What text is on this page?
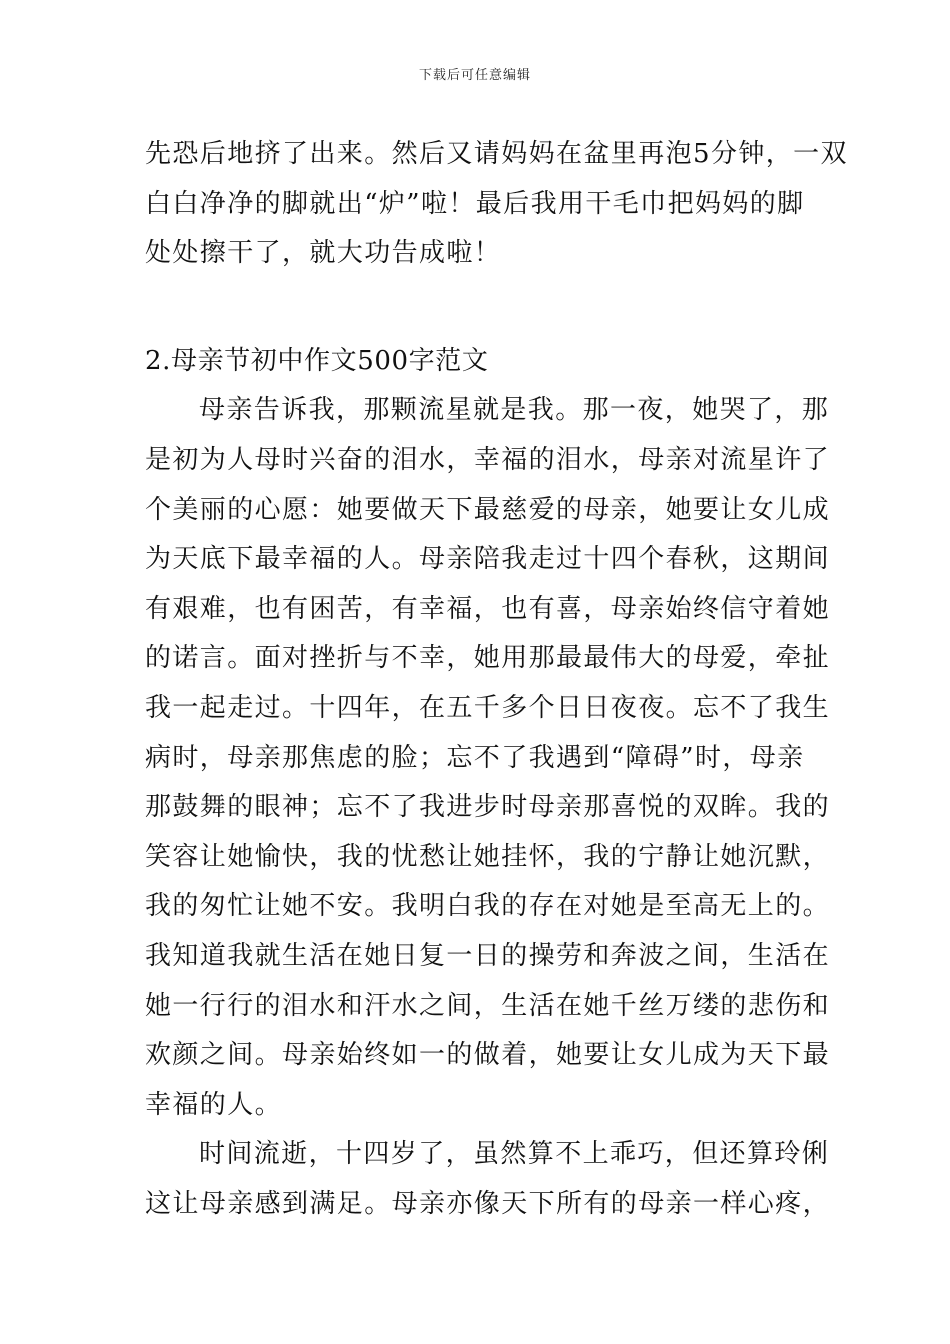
下载后可任意编辑
先恐后地挤了出来。然后又请妈妈在盆里再泡5分钟，一双
白白净净的脚就出“炉”啦！最后我用干毛巾把妈妈的脚
处处擦干了，就大功告成啦！
2.母亲节初中作文500字范文
母亲告诉我，那颗流星就是我。那一夜，她哭了，那
是初为人母时兴奋的泪水，幸福的泪水，母亲对流星许了
个美丽的心愿：她要做天下最慈爱的母亲，她要让女儿成
为天底下最幸福的人。母亲陪我走过十四个春秋，这期间
有艰难，也有困苦，有幸福，也有喜，母亲始终信守着她
的诺言。面对挫折与不幸，她用那最最伟大的母爱，牵扯
我一起走过。十四年，在五千多个日日夜夜。忘不了我生
病时，母亲那焦虑的脸；忘不了我遇到“障碍”时，母亲
那鼓舞的眼神；忘不了我进步时母亲那喜悦的双眸。我的
笑容让她愉快，我的忧愁让她挂怀，我的宁静让她沉默，
我的匆忙让她不安。我明白我的存在对她是至高无上的。
我知道我就生活在她日复一日的操劳和奔波之间，生活在
她一行行的泪水和汗水之间，生活在她千丝万缕的悲伤和
欢颜之间。母亲始终如一的做着，她要让女儿成为天下最
幸福的人。
时间流逝，十四岁了，虽然算不上乖巧，但还算玲俐
这让母亲感到满足。母亲亦像天下所有的母亲一样心疼，
